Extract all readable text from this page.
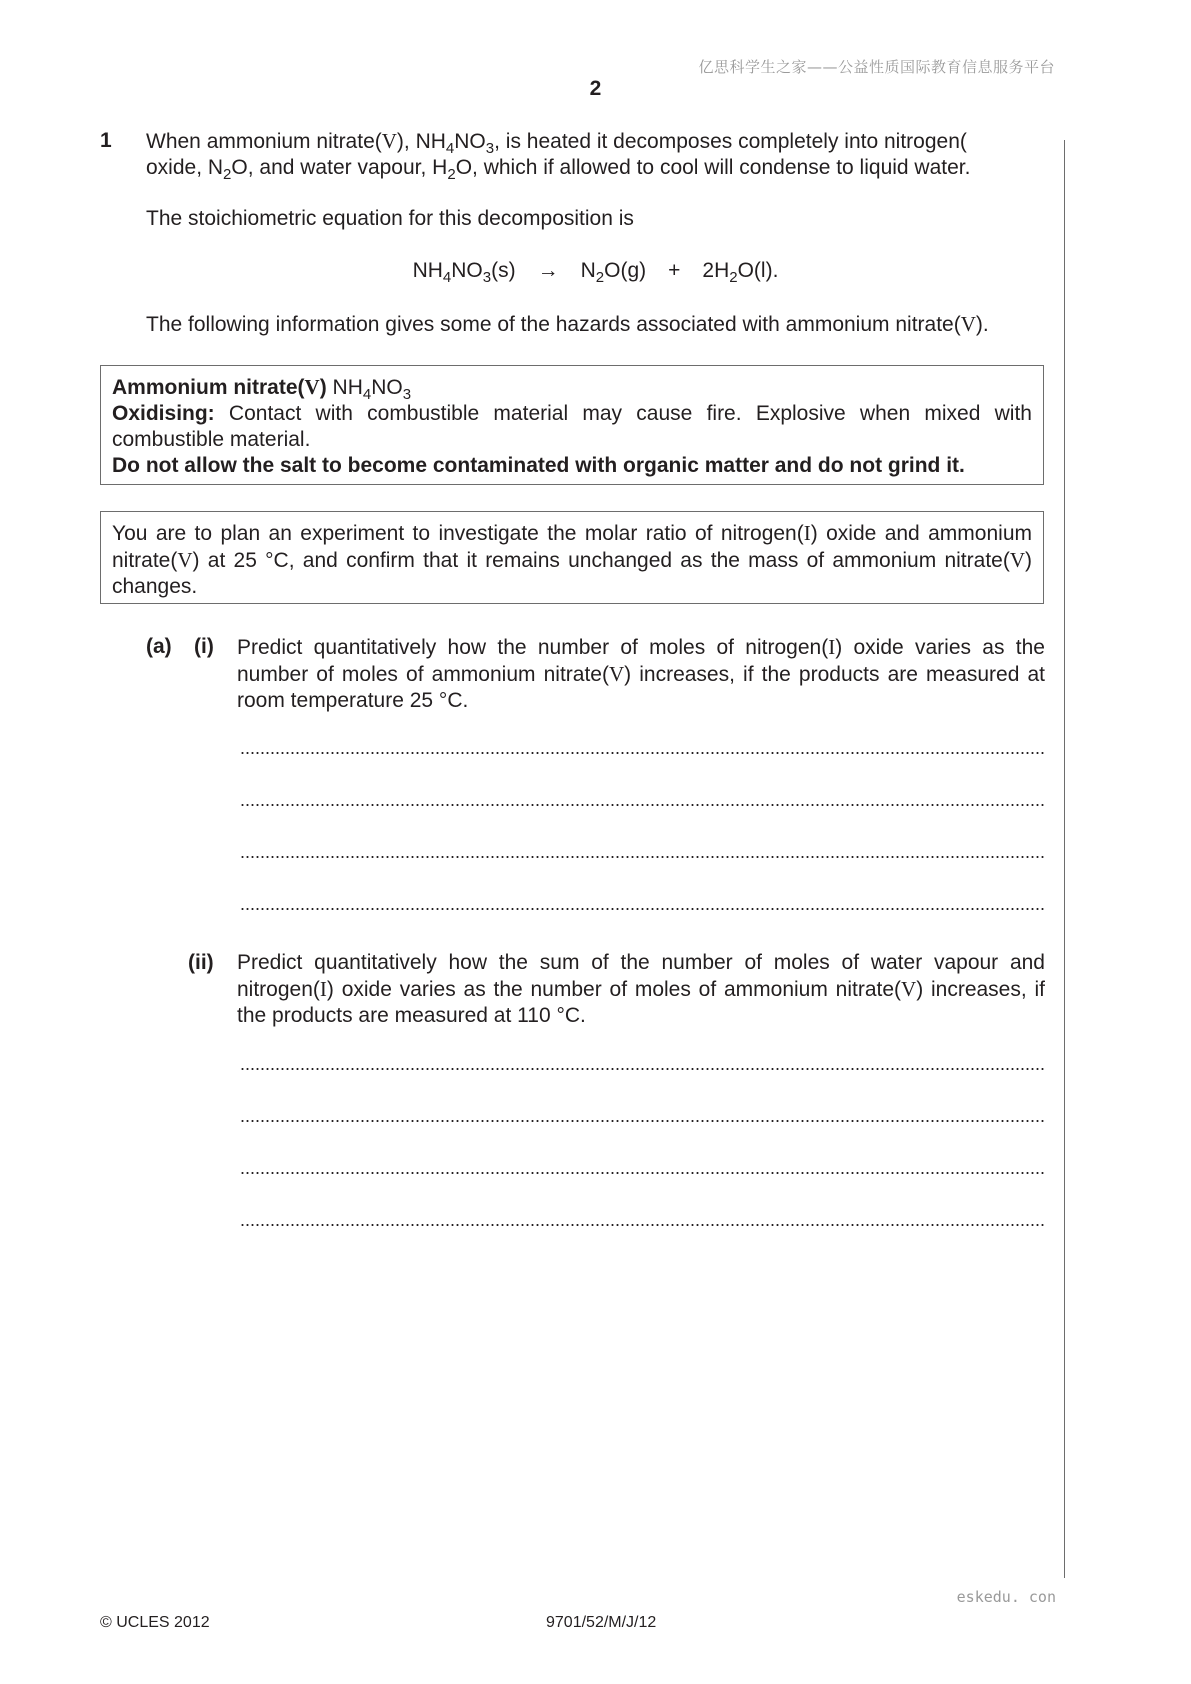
亿思科学生之家——公益性质国际教育信息服务平台
2
1 When ammonium nitrate(V), $NH_4NO_3$, is heated it decomposes completely into nitrogen(
oxide, $N_2O$, and water vapour, $H_2O$, which if allowed to cool will condense to liquid water.
The stoichiometric equation for this decomposition is
$NH_4NO_3(s) \to N_2O(g) + 2H_2O(l)$.
The following information gives some of the hazards associated with ammonium nitrate(V).
Ammonium nitrate(V) $NH_4NO_3$
Oxidising: Contact with combustible material may cause fire. Explosive when mixed with combustible material.
Do not allow the salt to become contaminated with organic matter and do not grind it.
You are to plan an experiment to investigate the molar ratio of nitrogen(I) oxide and ammonium nitrate(V) at 25 °C, and confirm that it remains unchanged as the mass of ammonium nitrate(V) changes.
(a) (i) Predict quantitatively how the number of moles of nitrogen(I) oxide varies as the number of moles of ammonium nitrate(V) increases, if the products are measured at room temperature 25 °C.
(ii) Predict quantitatively how the sum of the number of moles of water vapour and nitrogen(I) oxide varies as the number of moles of ammonium nitrate(V) increases, if the products are measured at 110 °C.
eskedu. con
© UCLES 2012	9701/52/M/J/12
